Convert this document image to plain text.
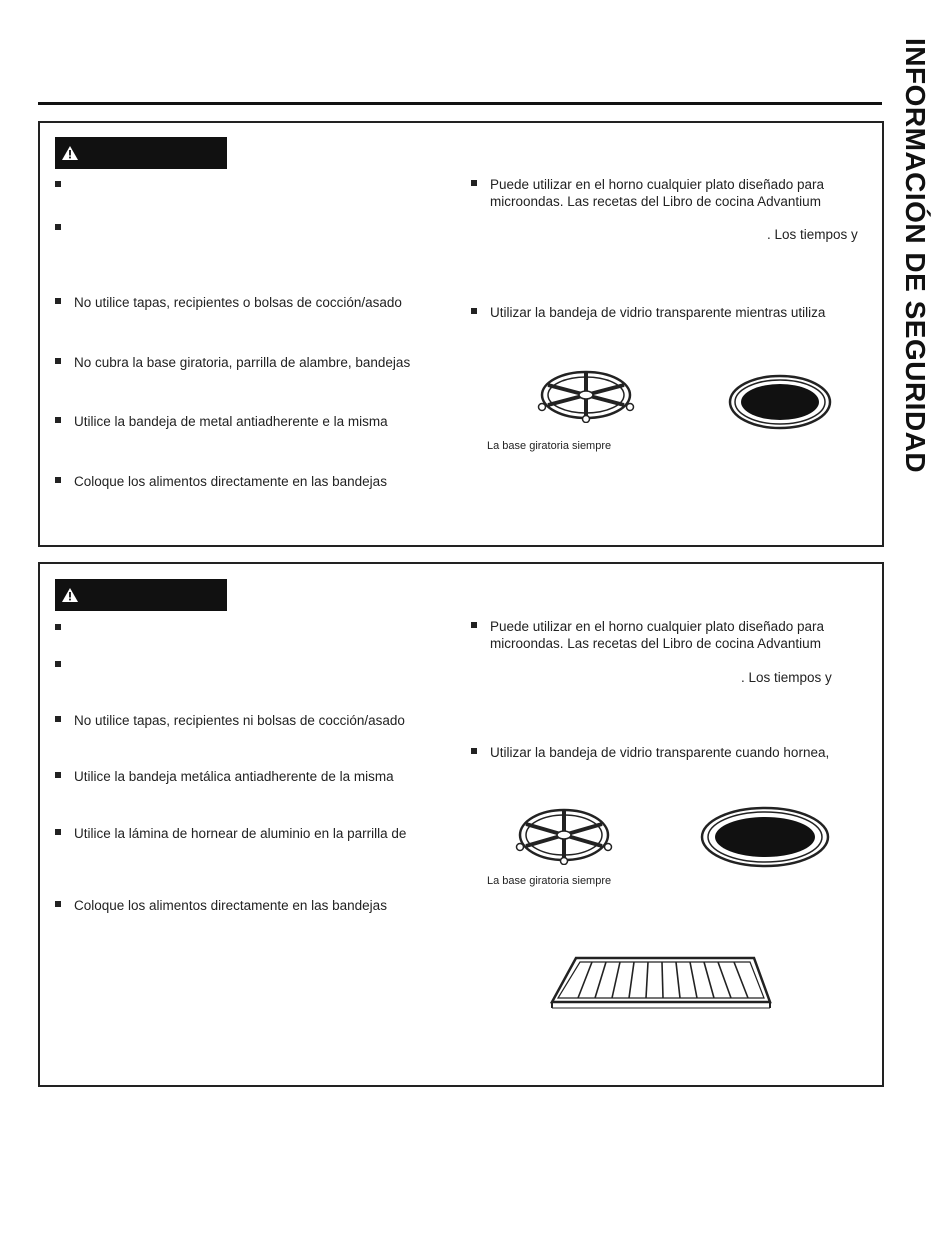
INFORMACIÓN DE SEGURIDAD
No utilice tapas, recipientes o bolsas de cocción/asado
No cubra la base giratoria, parrilla de alambre, bandejas
Utilice la bandeja de metal antiadherente e la misma
Coloque los alimentos directamente en las bandejas
Puede utilizar en el horno cualquier plato diseñado para
microondas. Las recetas del Libro de cocina Advantium
. Los tiempos y
Utilizar la bandeja de vidrio transparente mientras utiliza
La base giratoria siempre
No utilice tapas, recipientes ni bolsas de cocción/asado
Utilice la bandeja metálica antiadherente de la misma
Utilice la lámina de hornear de aluminio en la parrilla de
Coloque los alimentos directamente en las bandejas
Puede utilizar en el horno cualquier plato diseñado para
microondas. Las recetas del Libro de cocina Advantium
. Los tiempos y
Utilizar la bandeja de vidrio transparente cuando hornea,
La base giratoria siempre
